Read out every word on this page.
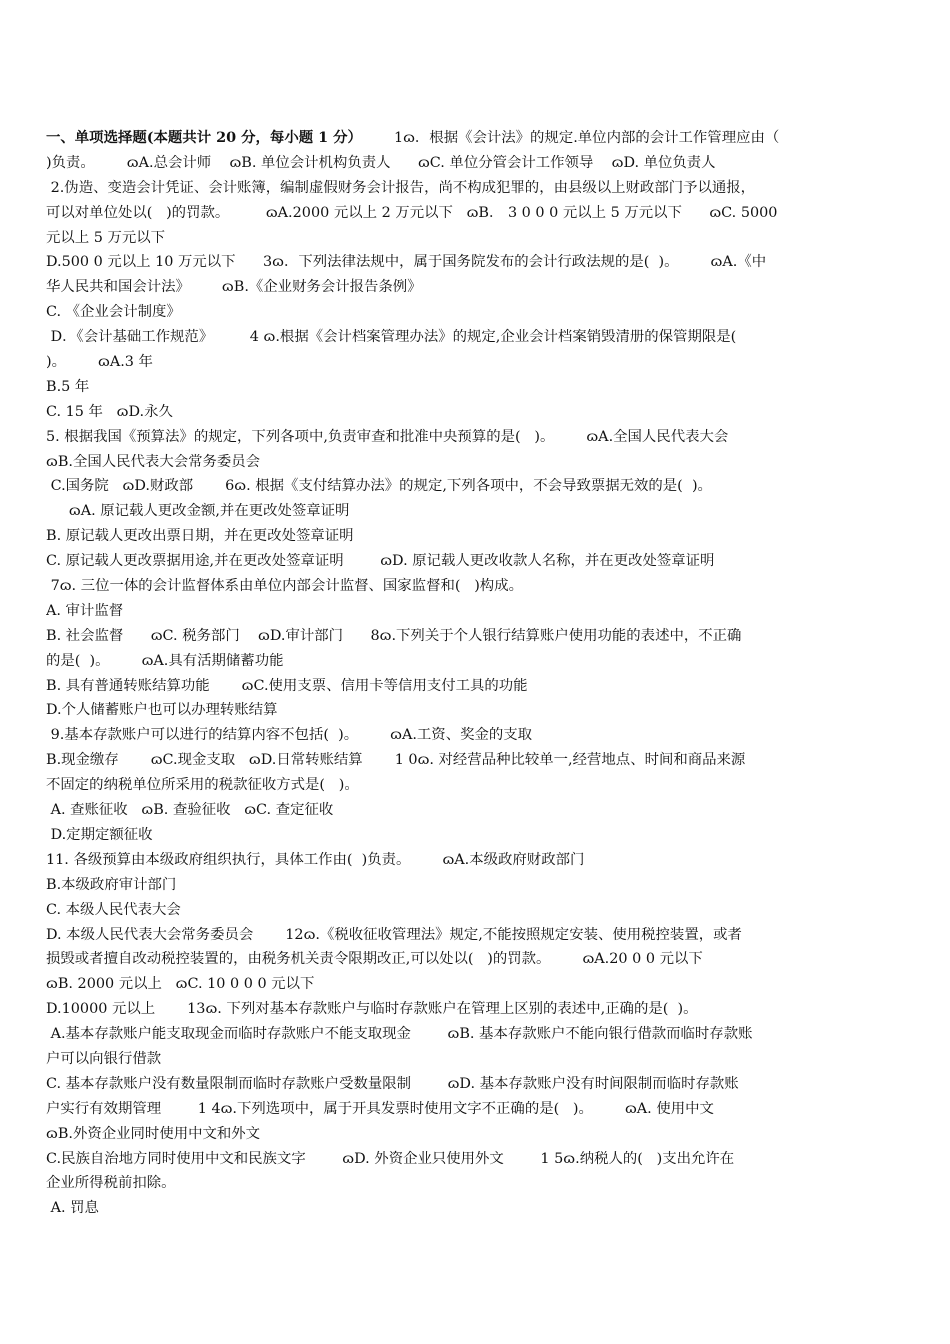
一、单项选择题(本题共计 20 分，每小题 1 分）       1ɷ．根据《会计法》的规定.单位内部的会计工作管理应由（
)负责。       ɷA.总会计师    ɷB. 单位会计机构负责人      ɷC. 单位分管会计工作领导    ɷD. 单位负责人
2.伪造、变造会计凭证、会计账簿，编制虚假财务会计报告，尚不构成犯罪的，由县级以上财政部门予以通报，
可以对单位处以(   )的罚款。        ɷA.2000 元以上 2 万元以下   ɷB． 3 0 0 0 元以上 5 万元以下      ɷC. 5000
元以上 5 万元以下
D.500 0 元以上 10 万元以下      3ɷ．下列法律法规中，属于国务院发布的会计行政法规的是(  )。       ɷA.《中
华人民共和国会计法》       ɷB.《企业财务会计报告条例》
C. 《企业会计制度》
D．《会计基础工作规范》        4 ɷ.根据《会计档案管理办法》的规定,企业会计档案销毁清册的保管期限是(
)。       ɷA.3 年
B.5 年
C. 15 年   ɷD.永久
5. 根据我国《预算法》的规定，下列各项中,负责审查和批准中央预算的是(   )。       ɷA.全国人民代表大会
ɷB.全国人民代表大会常务委员会
C.国务院   ɷD.财政部       6ɷ. 根据《支付结算办法》的规定,下列各项中，不会导致票据无效的是(  )。
ɷA. 原记载人更改金额,并在更改处签章证明
B. 原记载人更改出票日期，并在更改处签章证明
C. 原记载人更改票据用途,并在更改处签章证明        ɷD. 原记载人更改收款人名称，并在更改处签章证明
7ɷ. 三位一体的会计监督体系由单位内部会计监督、国家监督和(   )构成。
A. 审计监督
B. 社会监督      ɷC. 税务部门    ɷD.审计部门      8ɷ.下列关于个人银行结算账户使用功能的表述中，不正确
的是(  )。       ɷA.具有活期储蓄功能
B. 具有普通转账结算功能       ɷC.使用支票、信用卡等信用支付工具的功能
D.个人储蓄账户也可以办理转账结算
9.基本存款账户可以进行的结算内容不包括(  )。       ɷA.工资、奖金的支取
B.现金缴存       ɷC.现金支取   ɷD.日常转账结算       1 0ɷ. 对经营品种比较单一,经营地点、时间和商品来源
不固定的纳税单位所采用的税款征收方式是(   )。
A. 查账征收   ɷB. 查验征收   ɷC. 查定征收
D.定期定额征收
11. 各级预算由本级政府组织执行，具体工作由(  )负责。       ɷA.本级政府财政部门
B.本级政府审计部门
C. 本级人民代表大会
D. 本级人民代表大会常务委员会       12ɷ.《税收征收管理法》规定,不能按照规定安装、使用税控装置，或者
损毁或者擅自改动税控装置的，由税务机关责令限期改正,可以处以(   )的罚款。       ɷA.20 0 0 元以下
ɷB. 2000 元以上   ɷC. 10 0 0 0 元以下
D.10000 元以上       13ɷ. 下列对基本存款账户与临时存款账户在管理上区别的表述中,正确的是(  )。
A.基本存款账户能支取现金而临时存款账户不能支取现金        ɷB. 基本存款账户不能向银行借款而临时存款账
户可以向银行借款
C. 基本存款账户没有数量限制而临时存款账户受数量限制        ɷD. 基本存款账户没有时间限制而临时存款账
户实行有效期管理        1 4ɷ.下列选项中，属于开具发票时使用文字不正确的是(   )。       ɷA. 使用中文
ɷB.外资企业同时使用中文和外文
C.民族自治地方同时使用中文和民族文字        ɷD. 外资企业只使用外文        1 5ɷ.纳税人的(   )支出允许在
企业所得税前扣除。
A. 罚息
